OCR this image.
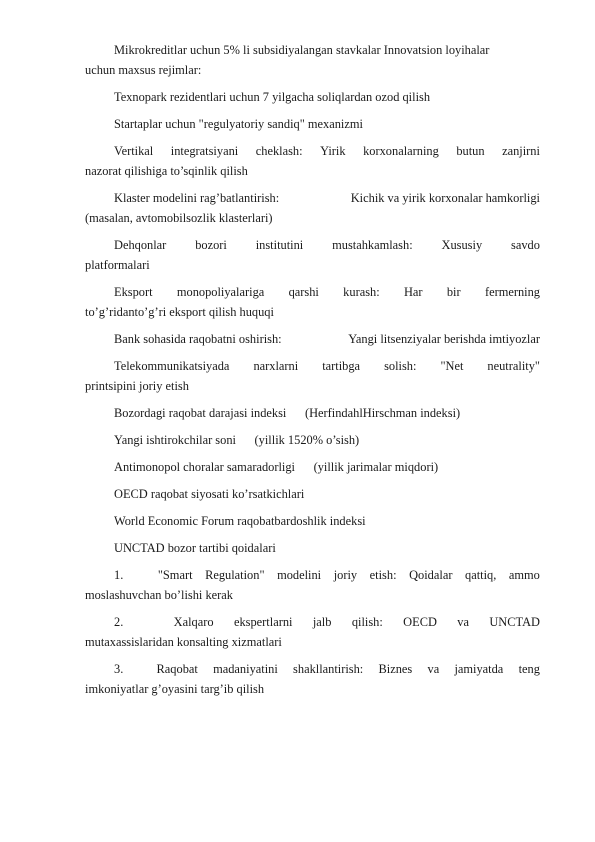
Mikrokreditlar uchun 5% li subsidiyalangan stavkalar Innovatsion loyihalar
uchun maxsus rejimlar:
Texnopark rezidentlari uchun 7 yilgacha soliqlardan ozod qilish
Startaplar uchun "regulyatoriy sandiq" mexanizmi
Vertikal integratsiyani cheklash: Yirik korxonalarning butun zanjirni
nazorat qilishiga to’sqinlik qilish
Klaster modelini rag’batlantirish:	Kichik va yirik korxonalar hamkorligi
(masalan, avtomobilsozlik klasterlari)
Dehqonlar bozori institutini mustahkamlash: Xususiy savdo
platformalari
Eksport monopoliyalariga qarshi kurash: Har bir fermerning
to’g’ridanto’g’ri eksport qilish huquqi
Bank sohasida raqobatni oshirish:	Yangi litsenziyalar berishda imtiyozlar
Telekommunikatsiyada narxlarni tartibga solish: "Net neutrality"
printsipini joriy etish
Bozordagi raqobat darajasi indeksi      (HerfindahlHirschman indeksi)
Yangi ishtirokchilar soni      (yillik 1520% o’sish)
Antimonopol choralar samaradorligi      (yillik jarimalar miqdori)
OECD raqobat siyosati ko’rsatkichlari
World Economic Forum raqobatbardoshlik indeksi
UNCTAD bozor tartibi qoidalari
1.	"Smart Regulation" modelini joriy etish: Qoidalar qattiq, ammo
moslashuvchan bo’lishi kerak
2.	Xalqaro ekspertlarni jalb qilish: OECD va UNCTAD
mutaxassislaridan konsalting xizmatlari
3.	Raqobat madaniyatini shakllantirish: Biznes va jamiyatda teng
imkoniyatlar g’oyasini targ’ib qilish
